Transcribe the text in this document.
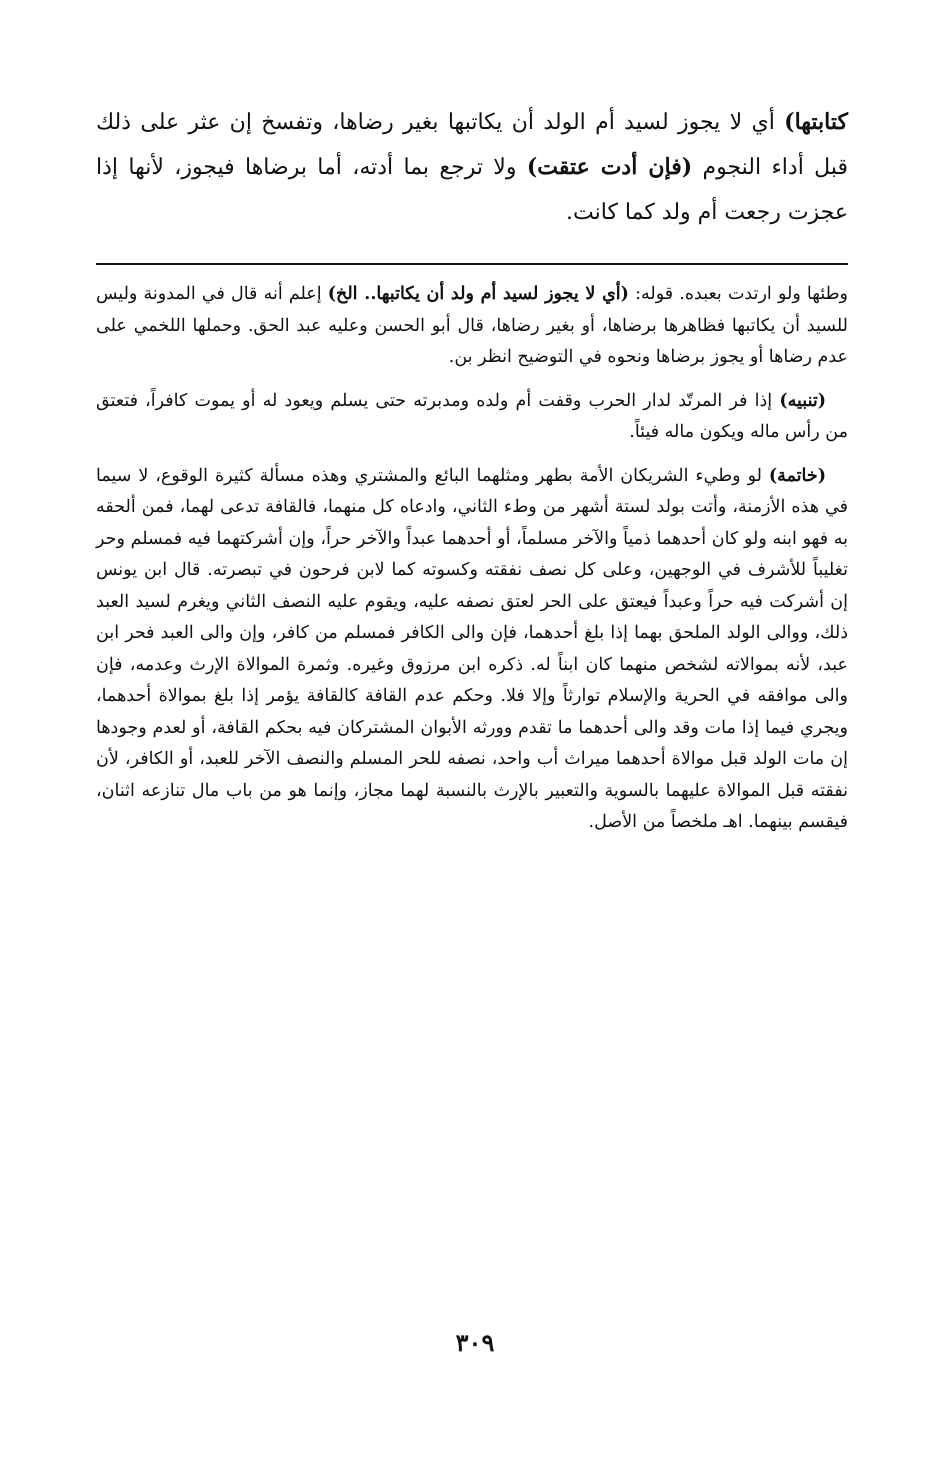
كتابتها) أي لا يجوز لسيد أم الولد أن يكاتبها بغير رضاها، وتفسخ إن عثر على ذلك قبل أداء النجوم (فإن أدت عتقت) ولا ترجع بما أدته، أما برضاها فيجوز، لأنها إذا عجزت رجعت أم ولد كما كانت.

وطئها ولو ارتدت بعبده. قوله: (أي لا يجوز لسيد أم ولد أن يكاتبها.. الخ) إعلم أنه قال في المدونة وليس للسيد أن يكاتبها فظاهرها برضاها، أو بغير رضاها، قال أبو الحسن وعليه عبد الحق. وحملها اللخمي على عدم رضاها أو يجوز برضاها ونحوه في التوضيح انظر بن.

(تنبيه) إذا فر المرتّد لدار الحرب وقفت أم ولده ومدبرته حتى يسلم ويعود له أو يموت كافراً، فتعتق من رأس ماله ويكون ماله فيئاً.

(خاتمة) لو وطيء الشريكان الأمة بطهر ومثلهما البائع والمشتري وهذه مسألة كثيرة الوقوع، لا سيما في هذه الأزمنة، وأتت بولد لستة أشهر من وطء الثاني، وادعاه كل منهما، فالقافة تدعى لهما، فمن ألحقه به فهو ابنه ولو كان أحدهما ذمياً والآخر مسلماً، أو أحدهما عبداً والآخر حراً، وإن أشركتهما فيه فمسلم وحر تغليباً للأشرف في الوجهين، وعلى كل نصف نفقته وكسوته كما لابن فرحون في تبصرته. قال ابن يونس إن أشركت فيه حراً وعبداً فيعتق على الحر لعتق نصفه عليه، ويقوم عليه النصف الثاني ويغرم لسيد العبد ذلك، ووالى الولد الملحق بهما إذا بلغ أحدهما، فإن والى الكافر فمسلم من كافر، وإن والى العبد فحر ابن عبد، لأنه بموالاته لشخص منهما كان ابناً له. ذكره ابن مرزوق وغيره. وثمرة الموالاة الإرث وعدمه، فإن والى موافقه في الحرية والإسلام توارثاً وإلا فلا. وحكم عدم القافة كالقافة يؤمر إذا بلغ بموالاة أحدهما، ويجري فيما إذا مات وقد والى أحدهما ما تقدم وورثه الأبوان المشتركان فيه بحكم القافة، أو لعدم وجودها إن مات الولد قبل موالاة أحدهما ميراث أب واحد، نصفه للحر المسلم والنصف الآخر للعبد، أو الكافر، لأن نفقته قبل الموالاة عليهما بالسوية والتعبير بالإرث بالنسبة لهما مجاز، وإنما هو من باب مال تنازعه اثنان، فيقسم بينهما. اهـ ملخصاً من الأصل.

٣٠٩
